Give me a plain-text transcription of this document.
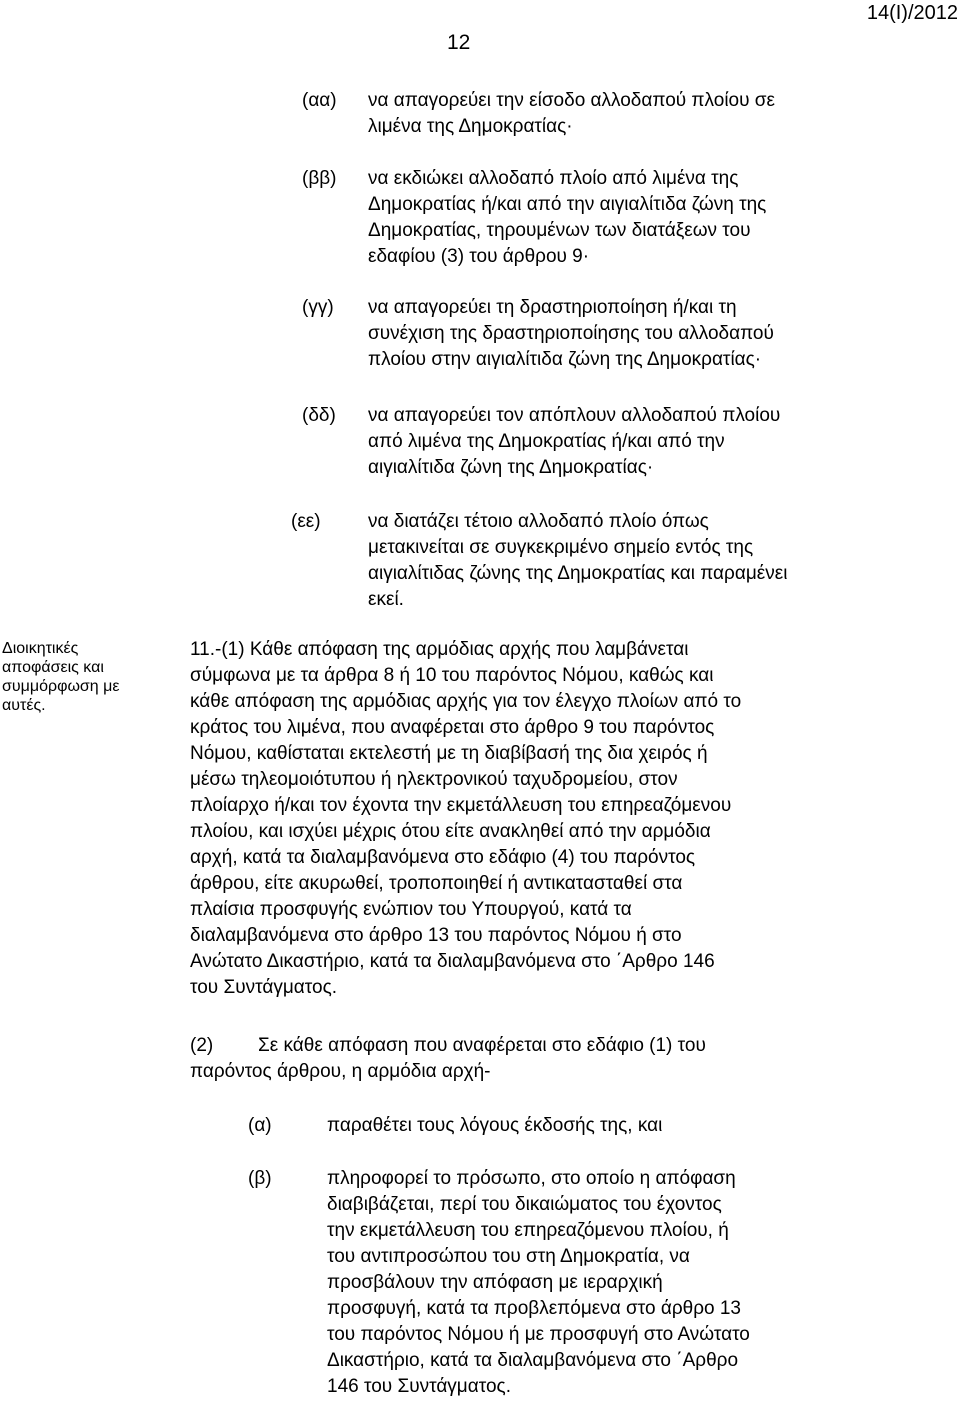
12
14(I)/2012
(αα) να απαγορεύει την είσοδο αλλοδαπού πλοίου σε
λιμένα της Δημοκρατίας·
(ββ) να εκδιώκει αλλοδαπό πλοίο από λιμένα της
Δημοκρατίας ή/και από την αιγιαλίτιδα ζώνη της
Δημοκρατίας, τηρουμένων των διατάξεων του
εδαφίου (3) του άρθρου 9·
(γγ) να απαγορεύει τη δραστηριοποίηση ή/και τη
συνέχιση της δραστηριοποίησης του αλλοδαπού
πλοίου στην αιγιαλίτιδα ζώνη της Δημοκρατίας·
(δδ) να απαγορεύει τον απόπλουν αλλοδαπού πλοίου
από λιμένα της Δημοκρατίας ή/και από την
αιγιαλίτιδα ζώνη της Δημοκρατίας·
(εε) να διατάζει τέτοιο αλλοδαπό πλοίο όπως
μετακινείται σε συγκεκριμένο σημείο εντός της
αιγιαλίτιδας ζώνης της Δημοκρατίας και παραμένει
εκεί.
Διοικητικές
αποφάσεις και
συμμόρφωση με
αυτές.
11.-(1) Κάθε απόφαση της αρμόδιας αρχής που λαμβάνεται
σύμφωνα με τα άρθρα 8 ή 10 του παρόντος Νόμου, καθώς και
κάθε απόφαση της αρμόδιας αρχής για τον έλεγχο πλοίων από το
κράτος του λιμένα, που αναφέρεται στο άρθρο 9 του παρόντος
Νόμου, καθίσταται εκτελεστή με τη διαβίβασή της δια χειρός ή
μέσω τηλεομοιότυπου ή ηλεκτρονικού ταχυδρομείου, στον
πλοίαρχο ή/και τον έχοντα την εκμετάλλευση του επηρεαζόμενου
πλοίου, και ισχύει μέχρις ότου είτε ανακληθεί από την αρμόδια
αρχή, κατά τα διαλαμβανόμενα στο εδάφιο (4) του παρόντος
άρθρου, είτε ακυρωθεί, τροποποιηθεί ή αντικατασταθεί στα
πλαίσια προσφυγής ενώπιον του Υπουργού, κατά τα
διαλαμβανόμενα στο άρθρο 13 του παρόντος Νόμου ή στο
Ανώτατο Δικαστήριο, κατά τα διαλαμβανόμενα στο ΄Αρθρο 146
του Συντάγματος.
(2)	Σε κάθε απόφαση που αναφέρεται στο εδάφιο (1) του
παρόντος άρθρου, η αρμόδια αρχή-
(α)	παραθέτει τους λόγους έκδοσής της, και
(β)	πληροφορεί το πρόσωπο, στο οποίο η απόφαση
διαβιβάζεται, περί του δικαιώματος του έχοντος
την εκμετάλλευση του επηρεαζόμενου πλοίου, ή
του αντιπροσώπου του στη Δημοκρατία, να
προσβάλουν την απόφαση με ιεραρχική
προσφυγή, κατά τα προβλεπόμενα στο άρθρο 13
του παρόντος Νόμου ή με προσφυγή στο Ανώτατο
Δικαστήριο, κατά τα διαλαμβανόμενα στο ΄Αρθρο
146 του Συντάγματος.
